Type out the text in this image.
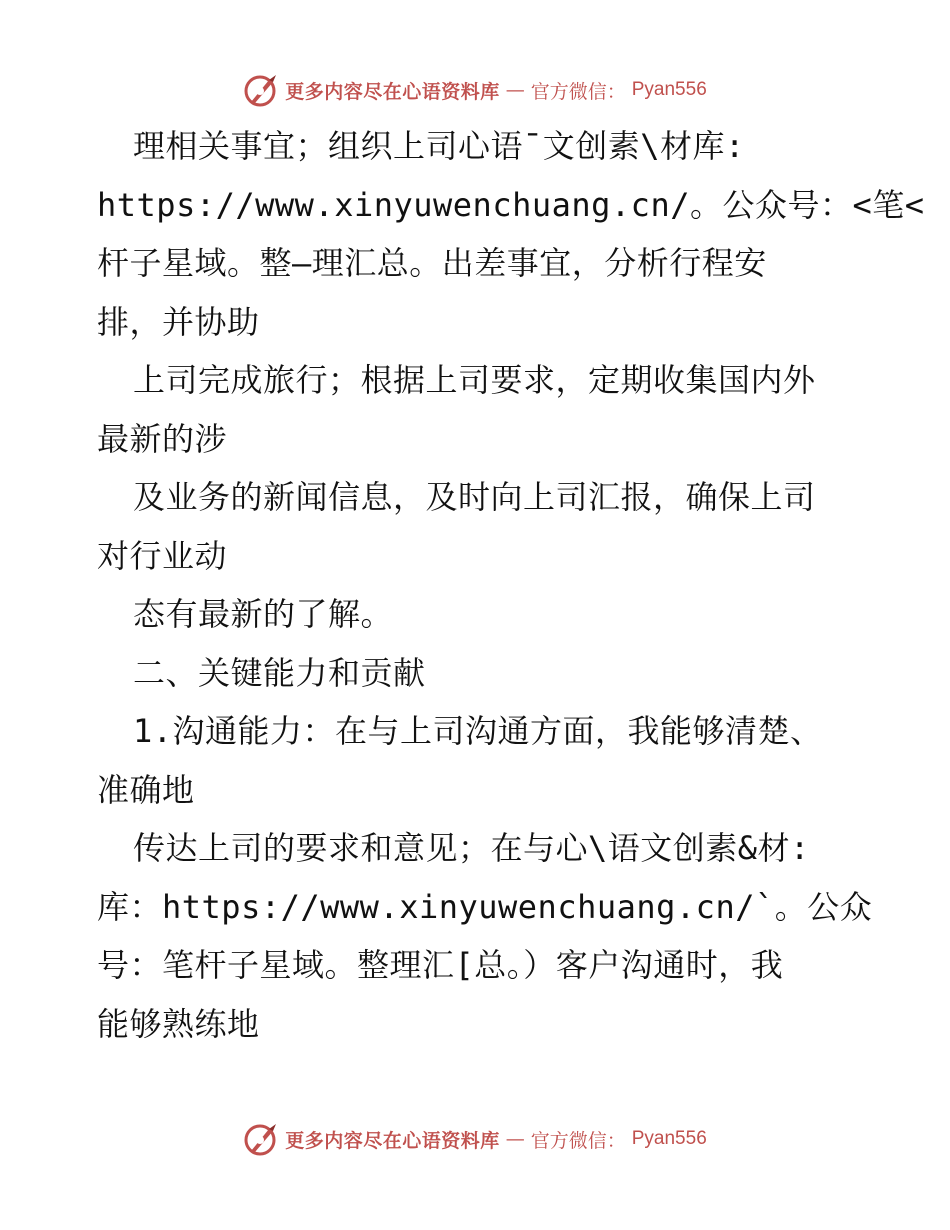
更多内容尽在心语资料库 — 官方微信： Pyan556
理相关事宜；组织上司心语¯文创素\材库:
https://www.xinyuwenchuang.cn/。公众号：<笔<
杆子星域。整—理汇总。出差事宜，分析行程安
排，并协助
上司完成旅行；根据上司要求，定期收集国内外
最新的涉
及业务的新闻信息，及时向上司汇报，确保上司
对行业动
态有最新的了解。
二、关键能力和贡献
1.沟通能力：在与上司沟通方面，我能够清楚、
准确地
传达上司的要求和意见；在与心\语文创素&材:
库：https://www.xinyuwenchuang.cn/`。公众
号：笔杆子星域。整理汇[总。）客户沟通时，我
能够熟练地
更多内容尽在心语资料库 — 官方微信： Pyan556
